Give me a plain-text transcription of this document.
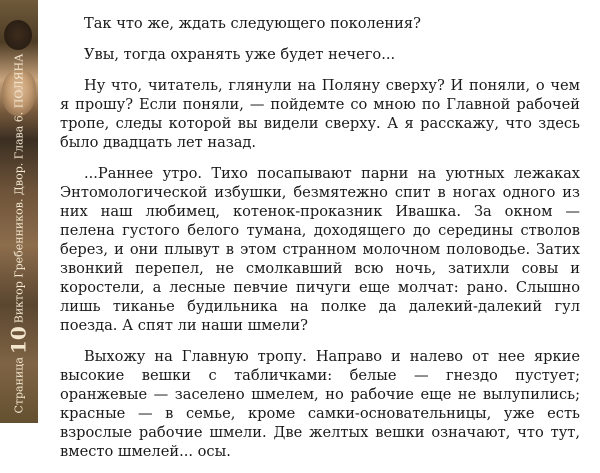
Страница10Виктор Гребенников. Двор. Глава 6. ПОЛЯНА

Так что же, ждать следующего поколения?

Увы, тогда охранять уже будет нечего...

Ну что, читатель, глянули на Поляну сверху? И поняли, о чем я прошу? Если поняли, — пойдемте со мною по Главной рабочей тропе, следы которой вы видели сверху. А я расскажу, что здесь было двадцать лет назад.

...Раннее утро. Тихо посапывают парни на уютных лежаках Энтомологической избушки, безмятежно спит в ногах одного из них наш любимец, котенок-проказник Ивашка. За окном — пелена густого белого тумана, доходящего до середины стволов берез, и они плывут в этом странном молочном половодье. Затих звонкий перепел, не смолкавший всю ночь, затихли совы и коростели, а лесные певчие пичуги еще молчат: рано. Слышно лишь тиканье будильника на полке да далекий-далекий гул поезда. А спят ли наши шмели?

Выхожу на Главную тропу. Направо и налево от нее яркие высокие вешки с табличками: белые — гнездо пустует; оранжевые — заселено шмелем, но рабочие еще не вылупились; красные — в семье, кроме самки-основательницы, уже есть взрослые рабочие шмели. Две желтых вешки означают, что тут, вместо шмелей... осы.
